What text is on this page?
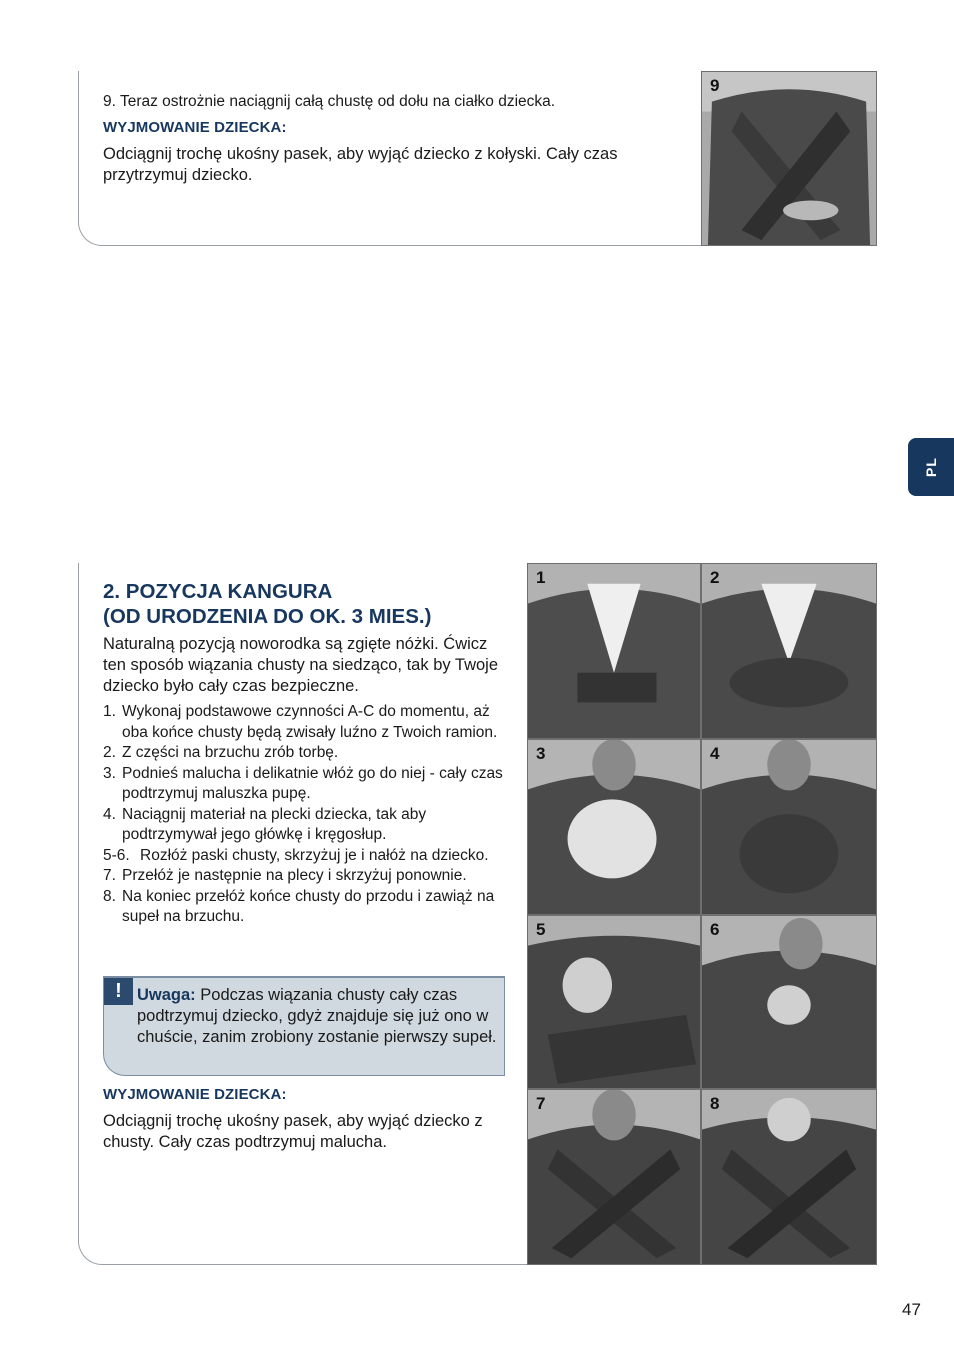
9. Teraz ostrożnie naciągnij całą chustę od dołu na ciałko dziecka.
WYJMOWANIE DZIECKA:
Odciągnij trochę ukośny pasek, aby wyjąć dziecko z kołyski. Cały czas przytrzymuj dziecko.
9
PL
2. POZYCJA KANGURA
(OD URODZENIA DO OK. 3 MIES.)
Naturalną pozycją noworodka są zgięte nóżki. Ćwicz ten sposób wiązania chusty na siedząco, tak by Twoje dziecko było cały czas bezpieczne.
1. Wykonaj podstawowe czynności A-C do momentu, aż oba końce chusty będą zwisały luźno z Twoich ramion.
2. Z części na brzuchu zrób torbę.
3. Podnieś malucha i delikatnie włóż go do niej - cały czas podtrzymuj maluszka pupę.
4. Naciągnij materiał na plecki dziecka, tak aby podtrzymywał jego główkę i kręgosłup.
5-6. Rozłóż paski chusty, skrzyżuj je i nałóż na dziecko.
7. Przełóż je następnie na plecy i skrzyżuj ponownie.
8. Na koniec przełóż końce chusty do przodu i zawiąż na supeł na brzuchu.
! Uwaga: Podczas wiązania chusty cały czas podtrzymuj dziecko, gdyż znajduje się już ono w chuście, zanim zrobiony zostanie pierwszy supeł.
WYJMOWANIE DZIECKA:
Odciągnij trochę ukośny pasek, aby wyjąć dziecko z chusty. Cały czas podtrzymuj malucha.
1	2
3	4
5	6
7	8
47
